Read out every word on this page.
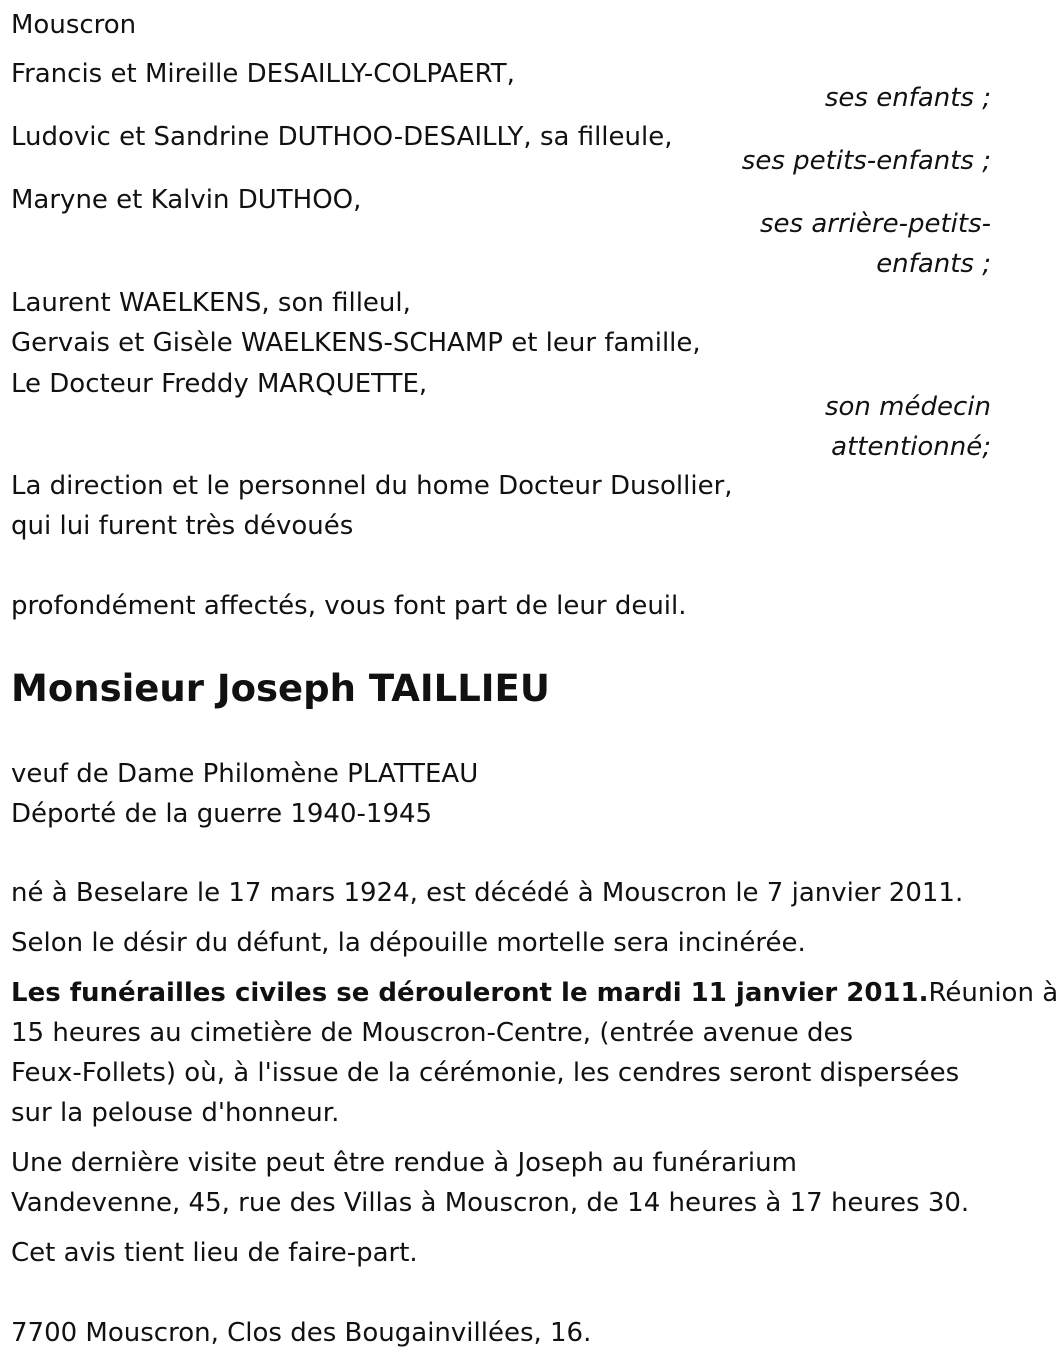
Mouscron
Francis et Mireille DESAILLY-COLPAERT,
ses enfants ;
Ludovic et Sandrine DUTHOO-DESAILLY, sa filleule,
ses petits-enfants ;
Maryne et Kalvin DUTHOO,
ses arrière-petits-
enfants ;
Laurent WAELKENS, son filleul,
Gervais et Gisèle WAELKENS-SCHAMP et leur famille,
Le Docteur Freddy MARQUETTE,
son médecin
attentionné;
La direction et le personnel du home Docteur Dusollier,
qui lui furent très dévoués
profondément affectés, vous font part de leur deuil.
Monsieur Joseph TAILLIEU
veuf de Dame Philomène PLATTEAU
Déporté de la guerre 1940-1945
né à Beselare le 17 mars 1924, est décédé à Mouscron le 7 janvier 2011.
Selon le désir du défunt, la dépouille mortelle sera incinérée.
Les funérailles civiles se dérouleront le mardi 11 janvier 2011.Réunion à
15 heures au cimetière de Mouscron-Centre, (entrée avenue des
Feux-Follets) où, à l'issue de la cérémonie, les cendres seront dispersées
sur la pelouse d'honneur.
Une dernière visite peut être rendue à Joseph au funérarium
Vandevenne, 45, rue des Villas à Mouscron, de 14 heures à 17 heures 30.
Cet avis tient lieu de faire-part.
7700 Mouscron, Clos des Bougainvillées, 16.
